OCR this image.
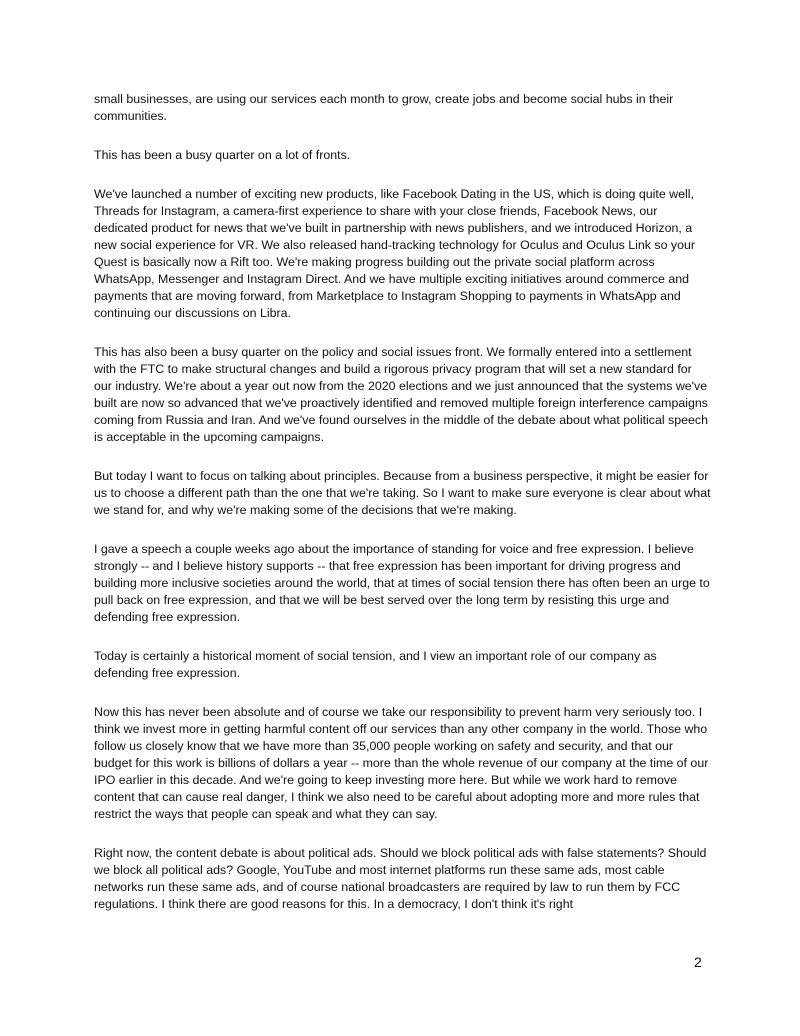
small businesses, are using our services each month to grow, create jobs and become social hubs in their communities.

This has been a busy quarter on a lot of fronts.

We've launched a number of exciting new products, like Facebook Dating in the US, which is doing quite well, Threads for Instagram, a camera-first experience to share with your close friends, Facebook News, our dedicated product for news that we've built in partnership with news publishers, and we introduced Horizon, a new social experience for VR. We also released hand-tracking technology for Oculus and Oculus Link so your Quest is basically now a Rift too. We're making progress building out the private social platform across WhatsApp, Messenger and Instagram Direct. And we have multiple exciting initiatives around commerce and payments that are moving forward, from Marketplace to Instagram Shopping to payments in WhatsApp and continuing our discussions on Libra.

This has also been a busy quarter on the policy and social issues front. We formally entered into a settlement with the FTC to make structural changes and build a rigorous privacy program that will set a new standard for our industry. We're about a year out now from the 2020 elections and we just announced that the systems we've built are now so advanced that we've proactively identified and removed multiple foreign interference campaigns coming from Russia and Iran. And we've found ourselves in the middle of the debate about what political speech is acceptable in the upcoming campaigns.

But today I want to focus on talking about principles. Because from a business perspective, it might be easier for us to choose a different path than the one that we're taking. So I want to make sure everyone is clear about what we stand for, and why we're making some of the decisions that we're making.

I gave a speech a couple weeks ago about the importance of standing for voice and free expression. I believe strongly -- and I believe history supports -- that free expression has been important for driving progress and building more inclusive societies around the world, that at times of social tension there has often been an urge to pull back on free expression, and that we will be best served over the long term by resisting this urge and defending free expression.

Today is certainly a historical moment of social tension, and I view an important role of our company as defending free expression.

Now this has never been absolute and of course we take our responsibility to prevent harm very seriously too. I think we invest more in getting harmful content off our services than any other company in the world. Those who follow us closely know that we have more than 35,000 people working on safety and security, and that our budget for this work is billions of dollars a year -- more than the whole revenue of our company at the time of our IPO earlier in this decade. And we're going to keep investing more here. But while we work hard to remove content that can cause real danger, I think we also need to be careful about adopting more and more rules that restrict the ways that people can speak and what they can say.

Right now, the content debate is about political ads. Should we block political ads with false statements? Should we block all political ads? Google, YouTube and most internet platforms run these same ads, most cable networks run these same ads, and of course national broadcasters are required by law to run them by FCC regulations. I think there are good reasons for this. In a democracy, I don't think it's right

2
